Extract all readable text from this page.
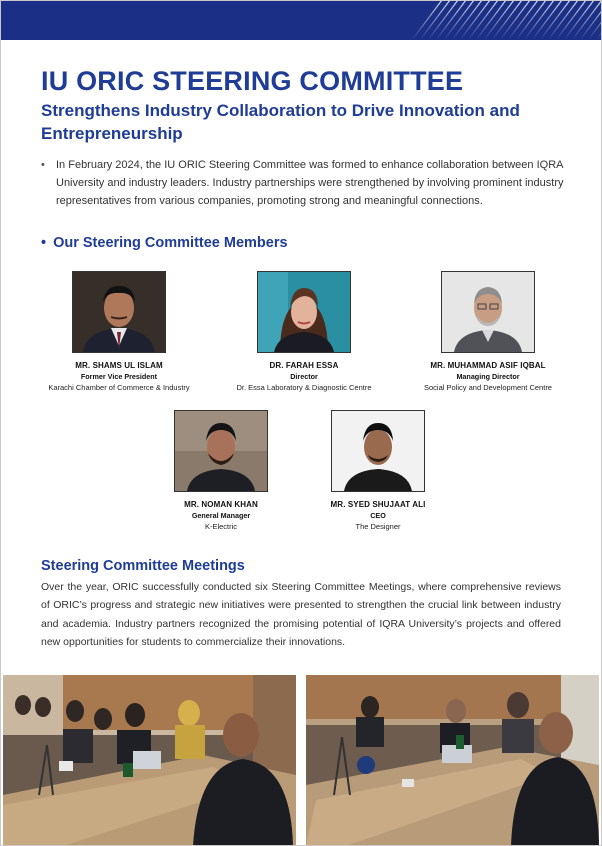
IU ORIC STEERING COMMITTEE
Strengthens Industry Collaboration to Drive Innovation and Entrepreneurship
•	In February 2024, the IU ORIC Steering Committee was formed to enhance collaboration between IQRA University and industry leaders. Industry partnerships were strengthened by involving prominent industry representatives from various companies, promoting strong and meaningful connections.
• Our Steering Committee Members
MR. SHAMS UL ISLAM
Former Vice President
Karachi Chamber of Commerce & Industry
DR. FARAH ESSA
Director
Dr. Essa Laboratory & Diagnostic Centre
MR. MUHAMMAD ASIF IQBAL
Managing Director
Social Policy and Development Centre
MR. NOMAN KHAN
General Manager
K-Electric
MR. SYED SHUJAAT ALI
CEO
The Designer
Steering Committee Meetings
Over the year, ORIC successfully conducted six Steering Committee Meetings, where comprehensive reviews of ORIC’s progress and strategic new initiatives were presented to strengthen the crucial link between industry and academia. Industry partners recognized the promising potential of IQRA University’s projects and offered new opportunities for students to commercialize their innovations.
